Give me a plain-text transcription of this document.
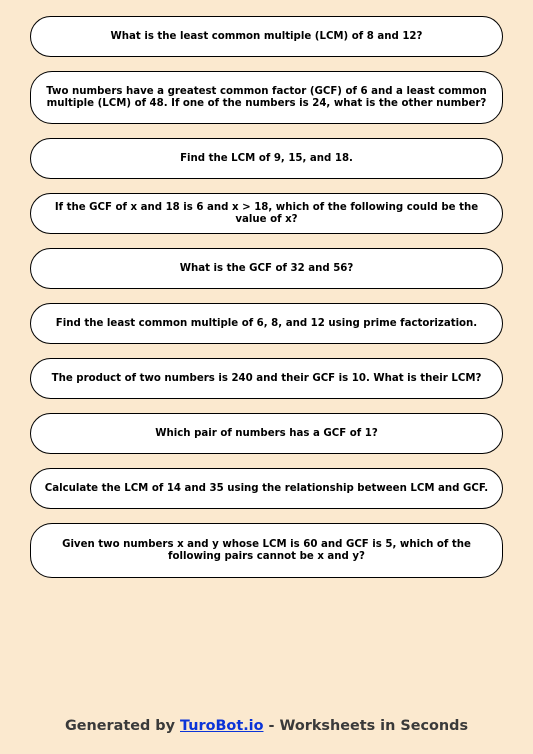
What is the least common multiple (LCM) of 8 and 12?
Two numbers have a greatest common factor (GCF) of 6 and a least common multiple (LCM) of 48. If one of the numbers is 24, what is the other number?
Find the LCM of 9, 15, and 18.
If the GCF of x and 18 is 6 and x > 18, which of the following could be the value of x?
What is the GCF of 32 and 56?
Find the least common multiple of 6, 8, and 12 using prime factorization.
The product of two numbers is 240 and their GCF is 10. What is their LCM?
Which pair of numbers has a GCF of 1?
Calculate the LCM of 14 and 35 using the relationship between LCM and GCF.
Given two numbers x and y whose LCM is 60 and GCF is 5, which of the following pairs cannot be x and y?
Generated by TuroBot.io - Worksheets in Seconds
